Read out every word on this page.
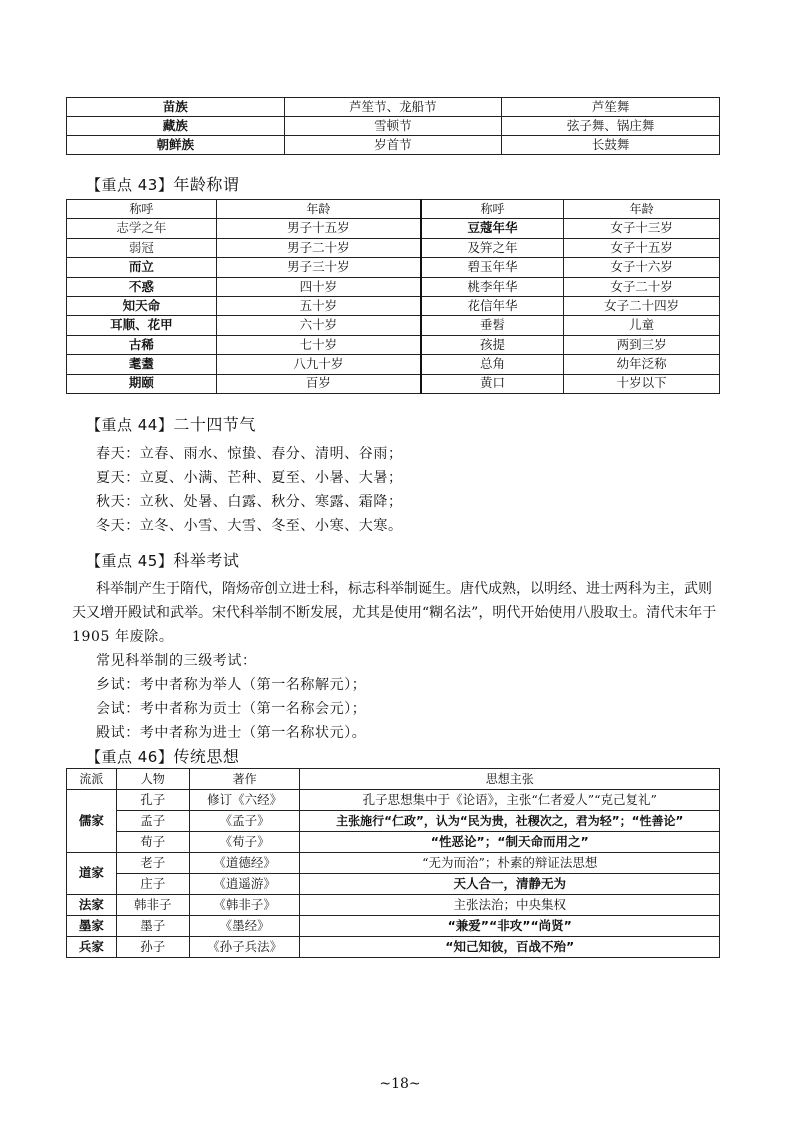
苗族	芦笙节、龙船节	芦笙舞
藏族	雪顿节	弦子舞、锅庄舞
朝鲜族	岁首节	长鼓舞
【重点 43】年龄称谓
称呼	年龄	称呼	年龄
志学之年	男子十五岁	豆蔻年华	女子十三岁
弱冠	男子二十岁	及笄之年	女子十五岁
而立	男子三十岁	碧玉年华	女子十六岁
不惑	四十岁	桃李年华	女子二十岁
知天命	五十岁	花信年华	女子二十四岁
耳顺、花甲	六十岁	垂髫	儿童
古稀	七十岁	孩提	两到三岁
耄耋	八九十岁	总角	幼年泛称
期颐	百岁	黄口	十岁以下
【重点 44】二十四节气
春天：立春、雨水、惊蛰、春分、清明、谷雨；
夏天：立夏、小满、芒种、夏至、小暑、大暑；
秋天：立秋、处暑、白露、秋分、寒露、霜降；
冬天：立冬、小雪、大雪、冬至、小寒、大寒。
【重点 45】科举考试
科举制产生于隋代，隋炀帝创立进士科，标志科举制诞生。唐代成熟，以明经、进士两科为主，武则
天又增开殿试和武举。宋代科举制不断发展，尤其是使用“糊名法”，明代开始使用八股取士。清代末年于
1905 年废除。
常见科举制的三级考试：
乡试：考中者称为举人（第一名称解元）；
会试：考中者称为贡士（第一名称会元）；
殿试：考中者称为进士（第一名称状元）。
【重点 46】传统思想
流派	人物	著作	思想主张
儒家	孔子	修订《六经》	孔子思想集中于《论语》，主张“仁者爱人”“克己复礼”
	孟子	《孟子》	主张施行“仁政”，认为“民为贵，社稷次之，君为轻”；“性善论”
	荀子	《荀子》	“性恶论”；“制天命而用之”
道家	老子	《道德经》	“无为而治”；朴素的辩证法思想
	庄子	《逍遥游》	天人合一，清静无为
法家	韩非子	《韩非子》	主张法治；中央集权
墨家	墨子	《墨经》	“兼爱”“非攻”“尚贤”
兵家	孙子	《孙子兵法》	“知己知彼，百战不殆”
~18~
